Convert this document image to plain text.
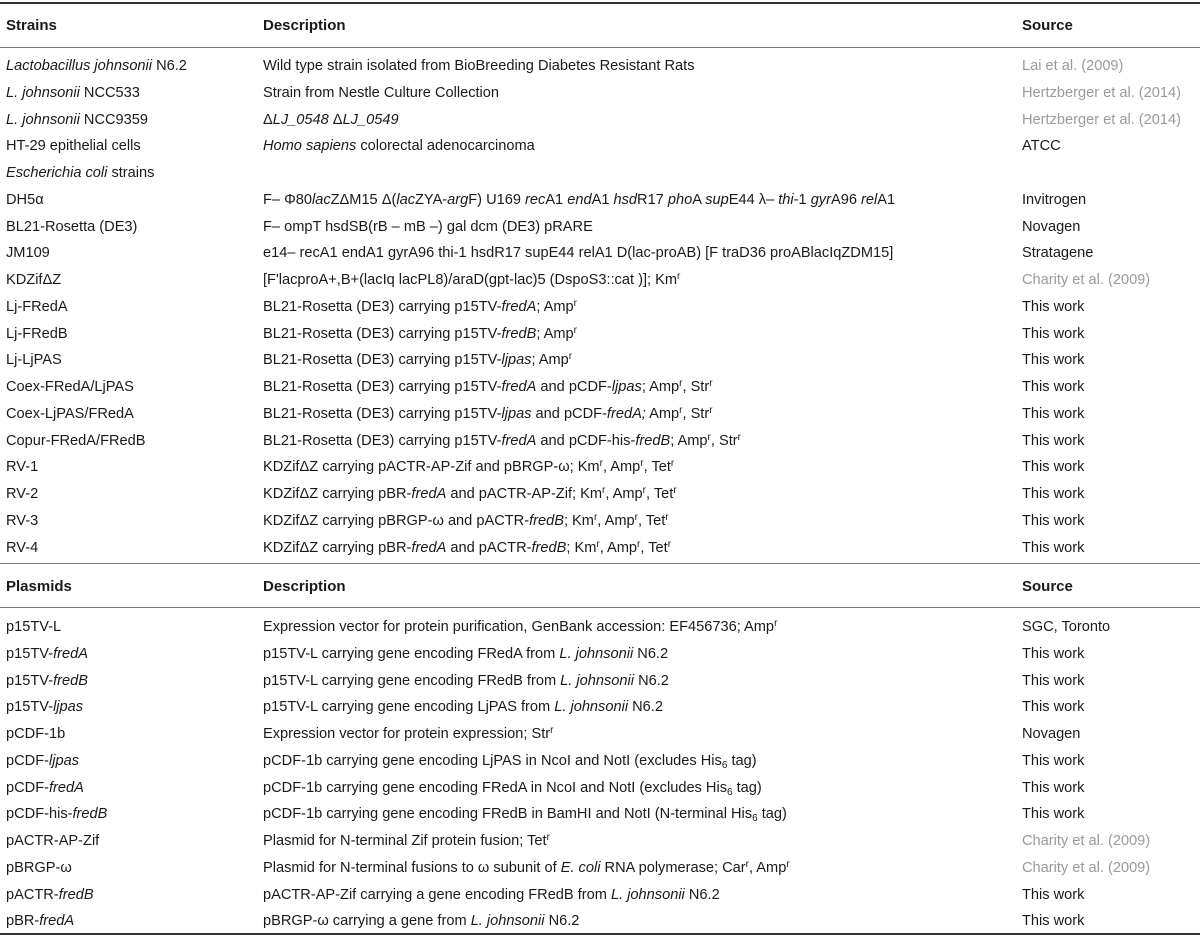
Strains	Description	Source
Lactobacillus johnsonii N6.2	Wild type strain isolated from BioBreeding Diabetes Resistant Rats	Lai et al. (2009)
L. johnsonii NCC533	Strain from Nestle Culture Collection	Hertzberger et al. (2014)
L. johnsonii NCC9359	ΔLJ_0548 ΔLJ_0549	Hertzberger et al. (2014)
HT-29 epithelial cells	Homo sapiens colorectal adenocarcinoma	ATCC
Escherichia coli strains
DH5α	F– Φ80lacZΔM15 Δ(lacZYA-argF) U169 recA1 endA1 hsdR17 phoA supE44 λ– thi-1 gyrA96 relA1	Invitrogen
BL21-Rosetta (DE3)	F– ompT hsdSB(rB – mB –) gal dcm (DE3) pRARE	Novagen
JM109	e14– recA1 endA1 gyrA96 thi-1 hsdR17 supE44 relA1 D(lac-proAB) [F traD36 proABlacIqZDM15]	Stratagene
KDZifΔZ	[F'lacproA+,B+(lacIq lacPL8)/araD(gpt-lac)5 (DspoS3::cat )]; Km$^r$	Charity et al. (2009)
Lj-FRedA	BL21-Rosetta (DE3) carrying p15TV-fredA; Amp$^r$	This work
Lj-FRedB	BL21-Rosetta (DE3) carrying p15TV-fredB; Amp$^r$	This work
Lj-LjPAS	BL21-Rosetta (DE3) carrying p15TV-ljpas; Amp$^r$	This work
Coex-FRedA/LjPAS	BL21-Rosetta (DE3) carrying p15TV-fredA and pCDF-ljpas; Amp$^r$, Str$^r$	This work
Coex-LjPAS/FRedA	BL21-Rosetta (DE3) carrying p15TV-ljpas and pCDF-fredA; Amp$^r$, Str$^r$	This work
Copur-FRedA/FRedB	BL21-Rosetta (DE3) carrying p15TV-fredA and pCDF-his-fredB; Amp$^r$, Str$^r$	This work
RV-1	KDZifΔZ carrying pACTR-AP-Zif and pBRGP-ω; Km$^r$, Amp$^r$, Tet$^r$	This work
RV-2	KDZifΔZ carrying pBR-fredA and pACTR-AP-Zif; Km$^r$, Amp$^r$, Tet$^r$	This work
RV-3	KDZifΔZ carrying pBRGP-ω and pACTR-fredB; Km$^r$, Amp$^r$, Tet$^r$	This work
RV-4	KDZifΔZ carrying pBR-fredA and pACTR-fredB; Km$^r$, Amp$^r$, Tet$^r$	This work
Plasmids	Description	Source
p15TV-L	Expression vector for protein purification, GenBank accession: EF456736; Amp$^r$	SGC, Toronto
p15TV-fredA	p15TV-L carrying gene encoding FRedA from L. johnsonii N6.2	This work
p15TV-fredB	p15TV-L carrying gene encoding FRedB from L. johnsonii N6.2	This work
p15TV-ljpas	p15TV-L carrying gene encoding LjPAS from L. johnsonii N6.2	This work
pCDF-1b	Expression vector for protein expression; Str$^r$	Novagen
pCDF-ljpas	pCDF-1b carrying gene encoding LjPAS in NcoI and NotI (excludes His$_6$ tag)	This work
pCDF-fredA	pCDF-1b carrying gene encoding FRedA in NcoI and NotI (excludes His$_6$ tag)	This work
pCDF-his-fredB	pCDF-1b carrying gene encoding FRedB in BamHI and NotI (N-terminal His$_6$ tag)	This work
pACTR-AP-Zif	Plasmid for N-terminal Zif protein fusion; Tet$^r$	Charity et al. (2009)
pBRGP-ω	Plasmid for N-terminal fusions to ω subunit of E. coli RNA polymerase; Car$^r$, Amp$^r$	Charity et al. (2009)
pACTR-fredB	pACTR-AP-Zif carrying a gene encoding FRedB from L. johnsonii N6.2	This work
pBR-fredA	pBRGP-ω carrying a gene from L. johnsonii N6.2	This work
